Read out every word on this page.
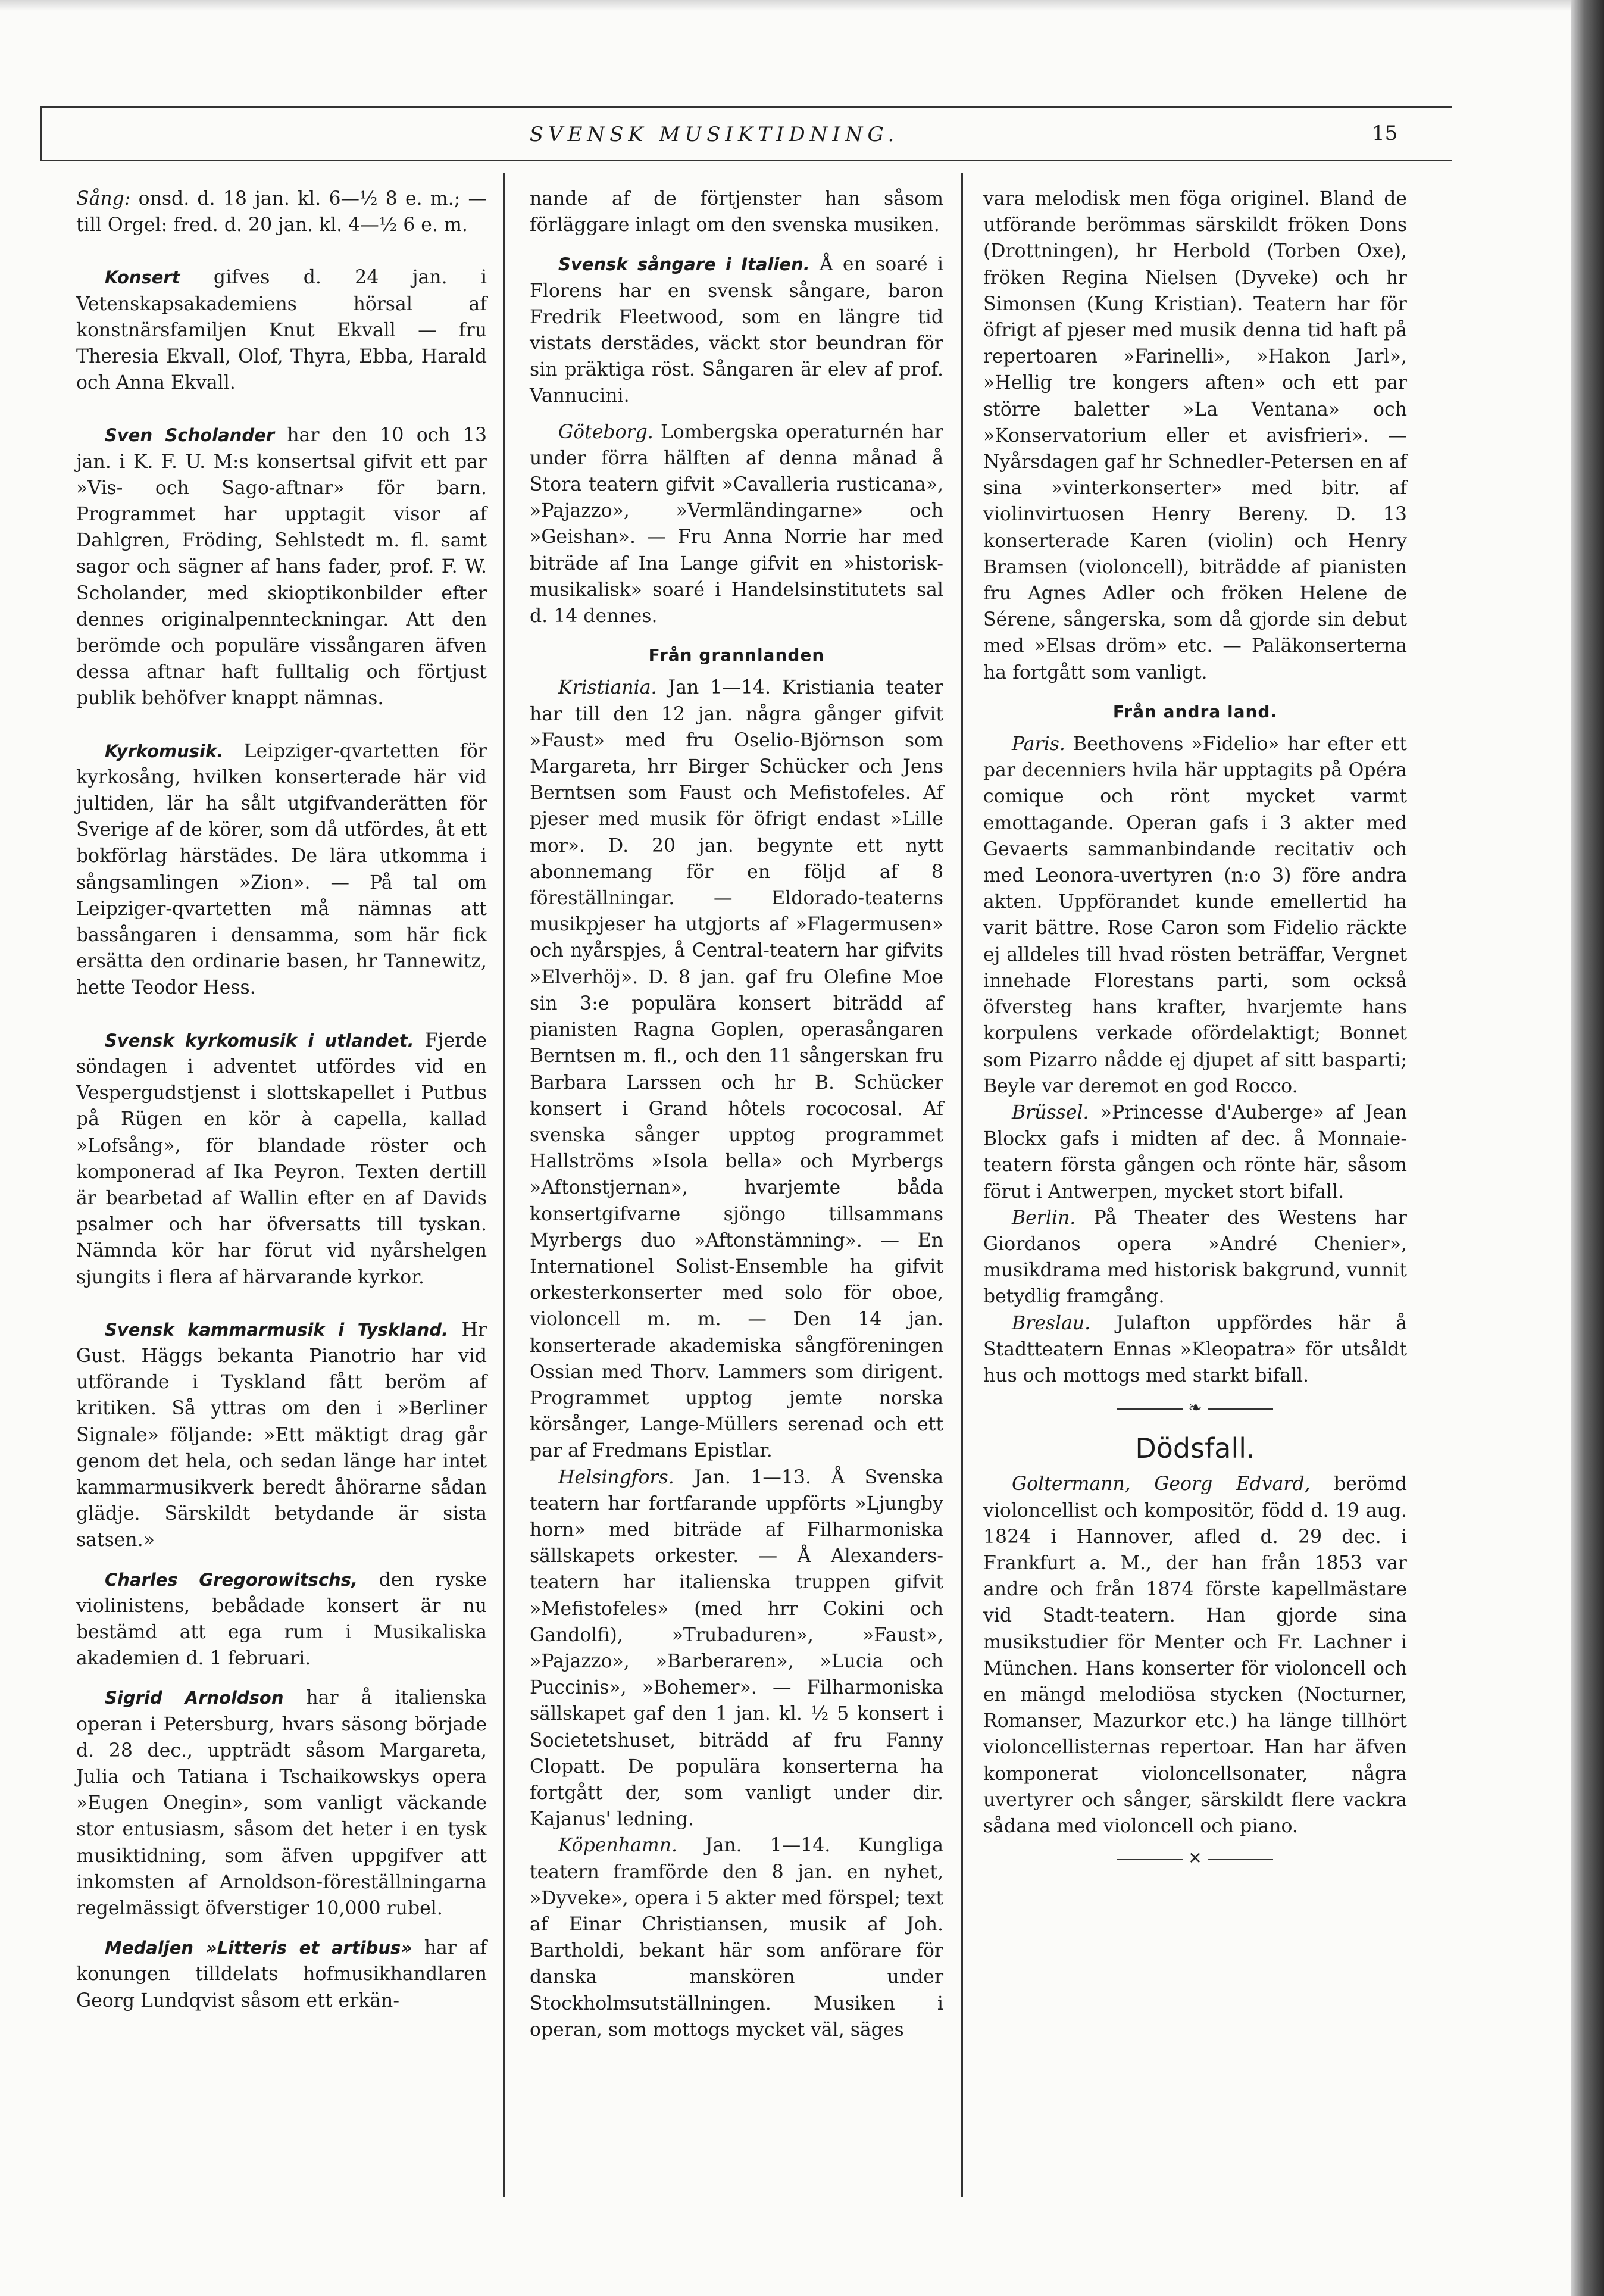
SVENSK MUSIKTIDNING.	15

Sång: onsd. d. 18 jan. kl. 6—½ 8 e. m.; — till Orgel: fred. d. 20 jan. kl. 4—½ 6 e. m.

Konsert gifves d. 24 jan. i Vetenskapsakademiens hörsal af konstnärsfamiljen Knut Ekvall — fru Theresia Ekvall, Olof, Thyra, Ebba, Harald och Anna Ekvall.

Sven Scholander har den 10 och 13 jan. i K. F. U. M:s konsertsal gifvit ett par »Vis- och Sago-aftnar» för barn. Programmet har upptagit visor af Dahlgren, Fröding, Sehlstedt m. fl. samt sagor och sägner af hans fader, prof. F. W. Scholander, med skioptikonbilder efter dennes originalpennteckningar. Att den berömde och populäre vissångaren äfven dessa aftnar haft fulltalig och förtjust publik behöfver knappt nämnas.

Kyrkomusik. Leipziger-qvartetten för kyrkosång, hvilken konserterade här vid jultiden, lär ha sålt utgifvanderätten för Sverige af de körer, som då utfördes, åt ett bokförlag härstädes. De lära utkomma i sångsamlingen »Zion». — På tal om Leipziger-qvartetten må nämnas att bassångaren i densamma, som här fick ersätta den ordinarie basen, hr Tannewitz, hette Teodor Hess.

Svensk kyrkomusik i utlandet. Fjerde söndagen i adventet utfördes vid en Vespergudstjenst i slottskapellet i Putbus på Rügen en kör à capella, kallad »Lofsång», för blandade röster och komponerad af Ika Peyron. Texten dertill är bearbetad af Wallin efter en af Davids psalmer och har öfversatts till tyskan. Nämnda kör har förut vid nyårshelgen sjungits i flera af härvarande kyrkor.

Svensk kammarmusik i Tyskland. Hr Gust. Häggs bekanta Pianotrio har vid utförande i Tyskland fått beröm af kritiken. Så yttras om den i »Berliner Signale» följande: »Ett mäktigt drag går genom det hela, och sedan länge har intet kammarmusikverk beredt åhörarne sådan glädje. Särskildt betydande är sista satsen.»

Charles Gregorowitschs, den ryske violinistens, bebådade konsert är nu bestämd att ega rum i Musikaliska akademien d. 1 februari.

Sigrid Arnoldson har å italienska operan i Petersburg, hvars säsong började d. 28 dec., uppträdt såsom Margareta, Julia och Tatiana i Tschaikowskys opera »Eugen Onegin», som vanligt väckande stor entusiasm, såsom det heter i en tysk musiktidning, som äfven uppgifver att inkomsten af Arnoldson-föreställningarna regelmässigt öfverstiger 10,000 rubel.

Medaljen »Litteris et artibus» har af konungen tilldelats hofmusikhandlaren Georg Lundqvist såsom ett erkän-

nande af de förtjenster han såsom förläggare inlagt om den svenska musiken.

Svensk sångare i Italien. Å en soaré i Florens har en svensk sångare, baron Fredrik Fleetwood, som en längre tid vistats derstädes, väckt stor beundran för sin präktiga röst. Sångaren är elev af prof. Vannucini.

Göteborg. Lombergska operaturnén har under förra hälften af denna månad å Stora teatern gifvit »Cavalleria rusticana», »Pajazzo», »Vermländingarne» och »Geishan». — Fru Anna Norrie har med biträde af Ina Lange gifvit en »historisk-musikalisk» soaré i Handelsinstitutets sal d. 14 dennes.

Från grannlanden

Kristiania. Jan 1—14. Kristiania teater har till den 12 jan. några gånger gifvit »Faust» med fru Oselio-Björnson som Margareta, hrr Birger Schücker och Jens Berntsen som Faust och Mefistofeles. Af pjeser med musik för öfrigt endast »Lille mor». D. 20 jan. begynte ett nytt abonnemang för en följd af 8 föreställningar. — Eldorado-teaterns musikpjeser ha utgjorts af »Flagermusen» och nyårspjes, å Central-teatern har gifvits »Elverhöj». D. 8 jan. gaf fru Olefine Moe sin 3:e populära konsert biträdd af pianisten Ragna Goplen, operasångaren Berntsen m. fl., och den 11 sångerskan fru Barbara Larssen och hr B. Schücker konsert i Grand hôtels rococosal. Af svenska sånger upptog programmet Hallströms »Isola bella» och Myrbergs »Aftonstjernan», hvarjemte båda konsertgifvarne sjöngo tillsammans Myrbergs duo »Aftonstämning». — En Internationel Solist-Ensemble ha gifvit orkesterkonserter med solo för oboe, violoncell m. m. — Den 14 jan. konserterade akademiska sångföreningen Ossian med Thorv. Lammers som dirigent. Programmet upptog jemte norska körsånger, Lange-Müllers serenad och ett par af Fredmans Epistlar.

Helsingfors. Jan. 1—13. Å Svenska teatern har fortfarande uppförts »Ljungby horn» med biträde af Filharmoniska sällskapets orkester. — Å Alexanders-teatern har italienska truppen gifvit »Mefistofeles» (med hrr Cokini och Gandolfi), »Trubaduren», »Faust», »Pajazzo», »Barberaren», »Lucia och Puccinis», »Bohemer». — Filharmoniska sällskapet gaf den 1 jan. kl. ½ 5 konsert i Societetshuset, biträdd af fru Fanny Clopatt. De populära konserterna ha fortgått der, som vanligt under dir. Kajanus' ledning.

Köpenhamn. Jan. 1—14. Kungliga teatern framförde den 8 jan. en nyhet, »Dyveke», opera i 5 akter med förspel; text af Einar Christiansen, musik af Joh. Bartholdi, bekant här som anförare för danska manskören under Stockholmsutställningen. Musiken i operan, som mottogs mycket väl, säges

vara melodisk men föga originel. Bland de utförande berömmas särskildt fröken Dons (Drottningen), hr Herbold (Torben Oxe), fröken Regina Nielsen (Dyveke) och hr Simonsen (Kung Kristian). Teatern har för öfrigt af pjeser med musik denna tid haft på repertoaren »Farinelli», »Hakon Jarl», »Hellig tre kongers aften» och ett par större baletter »La Ventana» och »Konservatorium eller et avisfrieri». — Nyårsdagen gaf hr Schnedler-Petersen en af sina »vinterkonserter» med bitr. af violinvirtuosen Henry Bereny. D. 13 konserterade Karen (violin) och Henry Bramsen (violoncell), biträdde af pianisten fru Agnes Adler och fröken Helene de Sérene, sångerska, som då gjorde sin debut med »Elsas dröm» etc. — Paläkonserterna ha fortgått som vanligt.

Från andra land.

Paris. Beethovens »Fidelio» har efter ett par decenniers hvila här upptagits på Opéra comique och rönt mycket varmt emottagande. Operan gafs i 3 akter med Gevaerts sammanbindande recitativ och med Leonora-uvertyren (n:o 3) före andra akten. Uppförandet kunde emellertid ha varit bättre. Rose Caron som Fidelio räckte ej alldeles till hvad rösten beträffar, Vergnet innehade Florestans parti, som också öfversteg hans krafter, hvarjemte hans korpulens verkade ofördelaktigt; Bonnet som Pizarro nådde ej djupet af sitt basparti; Beyle var deremot en god Rocco.

Brüssel. »Princesse d'Auberge» af Jean Blockx gafs i midten af dec. å Monnaie-teatern första gången och rönte här, såsom förut i Antwerpen, mycket stort bifall.

Berlin. På Theater des Westens har Giordanos opera »André Chenier», musikdrama med historisk bakgrund, vunnit betydlig framgång.

Breslau. Julafton uppfördes här å Stadtteatern Ennas »Kleopatra» för utsåldt hus och mottogs med starkt bifall.

❧
Dödsfall.

Goltermann, Georg Edvard, berömd violoncellist och kompositör, född d. 19 aug. 1824 i Hannover, afled d. 29 dec. i Frankfurt a. M., der han från 1853 var andre och från 1874 förste kapellmästare vid Stadt-teatern. Han gjorde sina musikstudier för Menter och Fr. Lachner i München. Hans konserter för violoncell och en mängd melodiösa stycken (Nocturner, Romanser, Mazurkor etc.) ha länge tillhört violoncellisternas repertoar. Han har äfven komponerat violoncellsonater, några uvertyrer och sånger, särskildt flere vackra sådana med violoncell och piano.

✕
